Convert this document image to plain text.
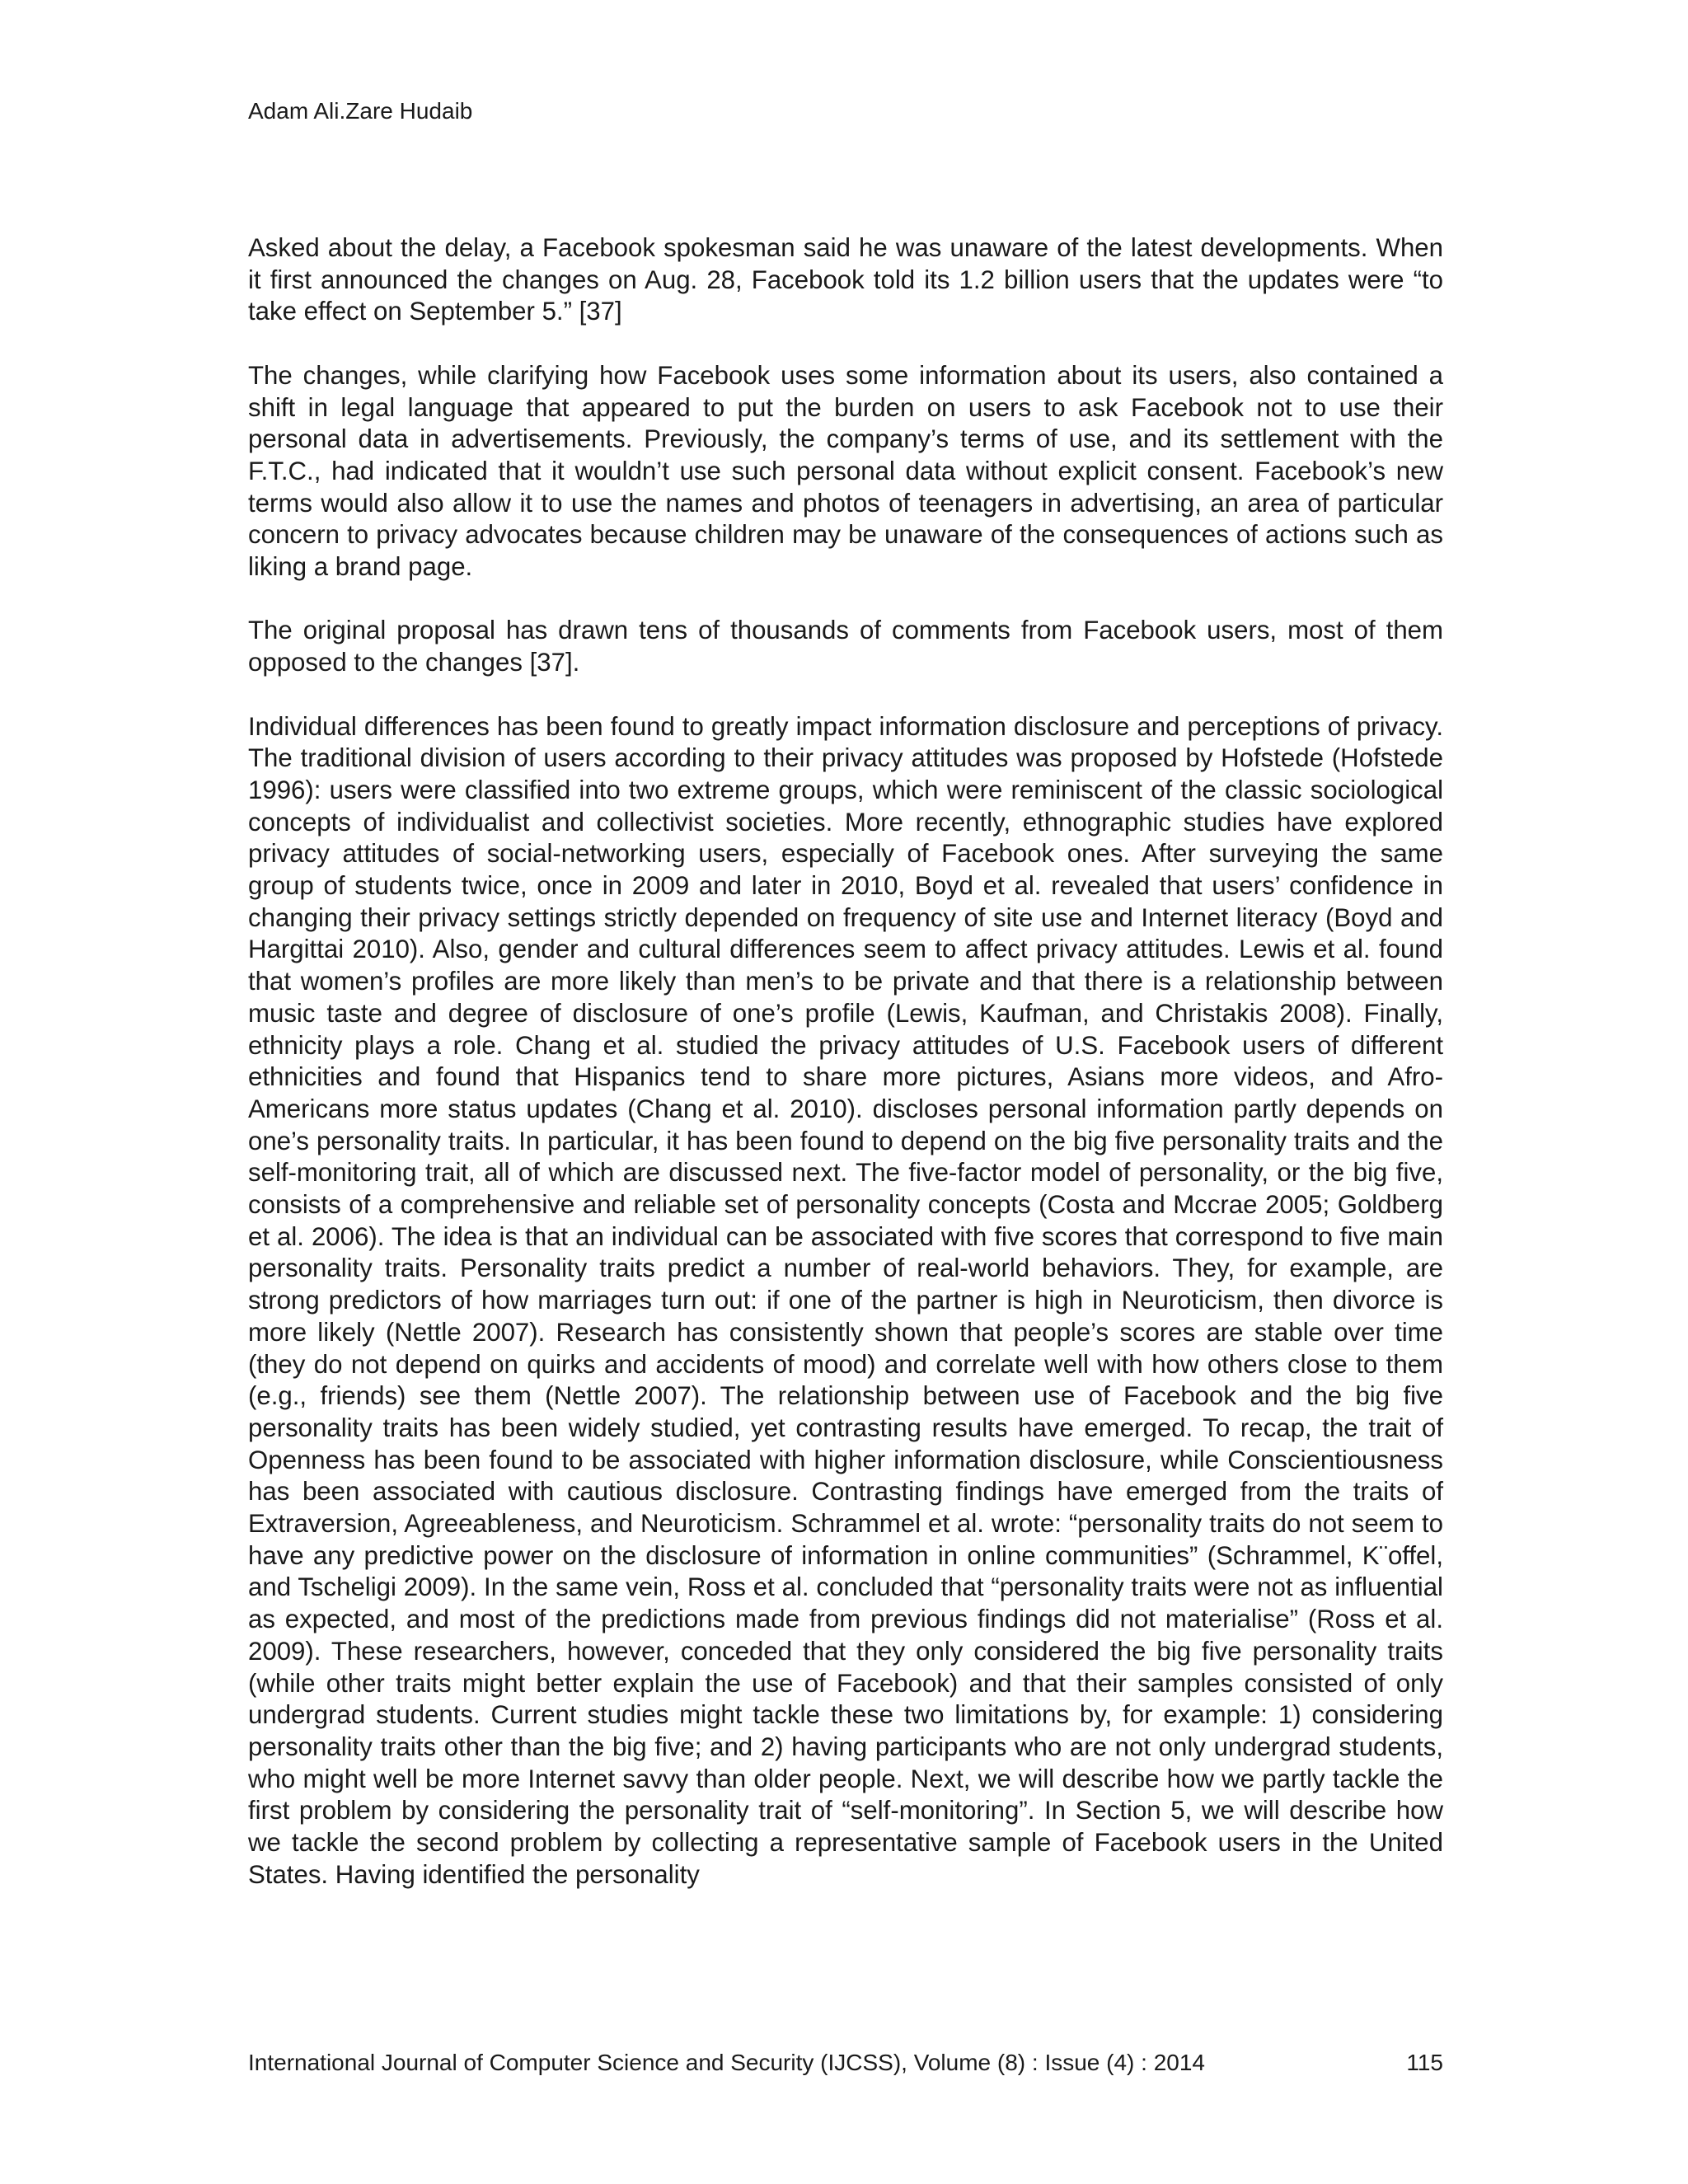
Adam Ali.Zare Hudaib

Asked about the delay, a Facebook spokesman said he was unaware of the latest developments. When it first announced the changes on Aug. 28, Facebook told its 1.2 billion users that the updates were “to take effect on September 5.” [37]

The changes, while clarifying how Facebook uses some information about its users, also contained a shift in legal language that appeared to put the burden on users to ask Facebook not to use their personal data in advertisements. Previously, the company’s terms of use, and its settlement with the F.T.C., had indicated that it wouldn’t use such personal data without explicit consent. Facebook’s new terms would also allow it to use the names and photos of teenagers in advertising, an area of particular concern to privacy advocates because children may be unaware of the consequences of actions such as liking a brand page.

The original proposal has drawn tens of thousands of comments from Facebook users, most of them opposed to the changes [37].

Individual differences has been found to greatly impact information disclosure and perceptions of privacy. The traditional division of users according to their privacy attitudes was proposed by Hofstede (Hofstede 1996): users were classified into two extreme groups, which were reminiscent of the classic sociological concepts of individualist and collectivist societies. More recently, ethnographic studies have explored privacy attitudes of social-networking users, especially of Facebook ones. After surveying the same group of students twice, once in 2009 and later in 2010, Boyd et al. revealed that users’ confidence in changing their privacy settings strictly depended on frequency of site use and Internet literacy (Boyd and Hargittai 2010). Also, gender and cultural differences seem to affect privacy attitudes. Lewis et al. found that women’s profiles are more likely than men’s to be private and that there is a relationship between music taste and degree of disclosure of one’s profile (Lewis, Kaufman, and Christakis 2008). Finally, ethnicity plays a role. Chang et al. studied the privacy attitudes of U.S. Facebook users of different ethnicities and found that Hispanics tend to share more pictures, Asians more videos, and Afro-Americans more status updates (Chang et al. 2010). discloses personal information partly depends on one’s personality traits. In particular, it has been found to depend on the big five personality traits and the self-monitoring trait, all of which are discussed next. The five-factor model of personality, or the big five, consists of a comprehensive and reliable set of personality concepts (Costa and Mccrae 2005; Goldberg et al. 2006). The idea is that an individual can be associated with five scores that correspond to five main personality traits. Personality traits predict a number of real-world behaviors. They, for example, are strong predictors of how marriages turn out: if one of the partner is high in Neuroticism, then divorce is more likely (Nettle 2007). Research has consistently shown that people’s scores are stable over time (they do not depend on quirks and accidents of mood) and correlate well with how others close to them (e.g., friends) see them (Nettle 2007). The relationship between use of Facebook and the big five personality traits has been widely studied, yet contrasting results have emerged. To recap, the trait of Openness has been found to be associated with higher information disclosure, while Conscientiousness has been associated with cautious disclosure. Contrasting findings have emerged from the traits of Extraversion, Agreeableness, and Neuroticism. Schrammel et al. wrote: “personality traits do not seem to have any predictive power on the disclosure of information in online communities” (Schrammel, K¨offel, and Tscheligi 2009). In the same vein, Ross et al. concluded that “personality traits were not as influential as expected, and most of the predictions made from previous findings did not materialise” (Ross et al. 2009). These researchers, however, conceded that they only considered the big five personality traits (while other traits might better explain the use of Facebook) and that their samples consisted of only undergrad students. Current studies might tackle these two limitations by, for example: 1) considering personality traits other than the big five; and 2) having participants who are not only undergrad students, who might well be more Internet savvy than older people. Next, we will describe how we partly tackle the first problem by considering the personality trait of “self-monitoring”. In Section 5, we will describe how we tackle the second problem by collecting a representative sample of Facebook users in the United States. Having identified the personality

International Journal of Computer Science and Security (IJCSS), Volume (8) : Issue (4) : 2014	115
